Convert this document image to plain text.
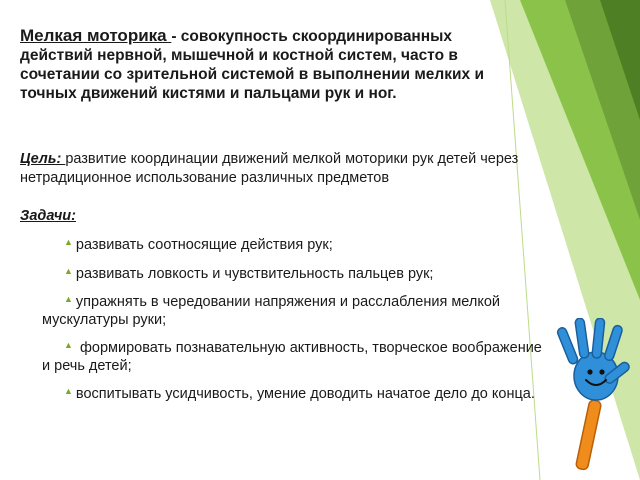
Мелкая моторика - совокупность скоординированных действий нервной, мышечной и костной систем, часто в сочетании со зрительной системой в выполнении мелких и точных движений кистями и пальцами рук и ног.
Цель: развитие координации движений мелкой моторики рук детей через нетрадиционное использование различных предметов
Задачи:
▲ развивать соотносящие действия рук;
▲ развивать ловкость и чувствительность пальцев рук;
▲ упражнять в чередовании напряжения и расслабления мелкой мускулатуры руки;
▲ формировать познавательную активность, творческое воображение и речь детей;
▲ воспитывать усидчивость, умение доводить начатое дело до конца.
